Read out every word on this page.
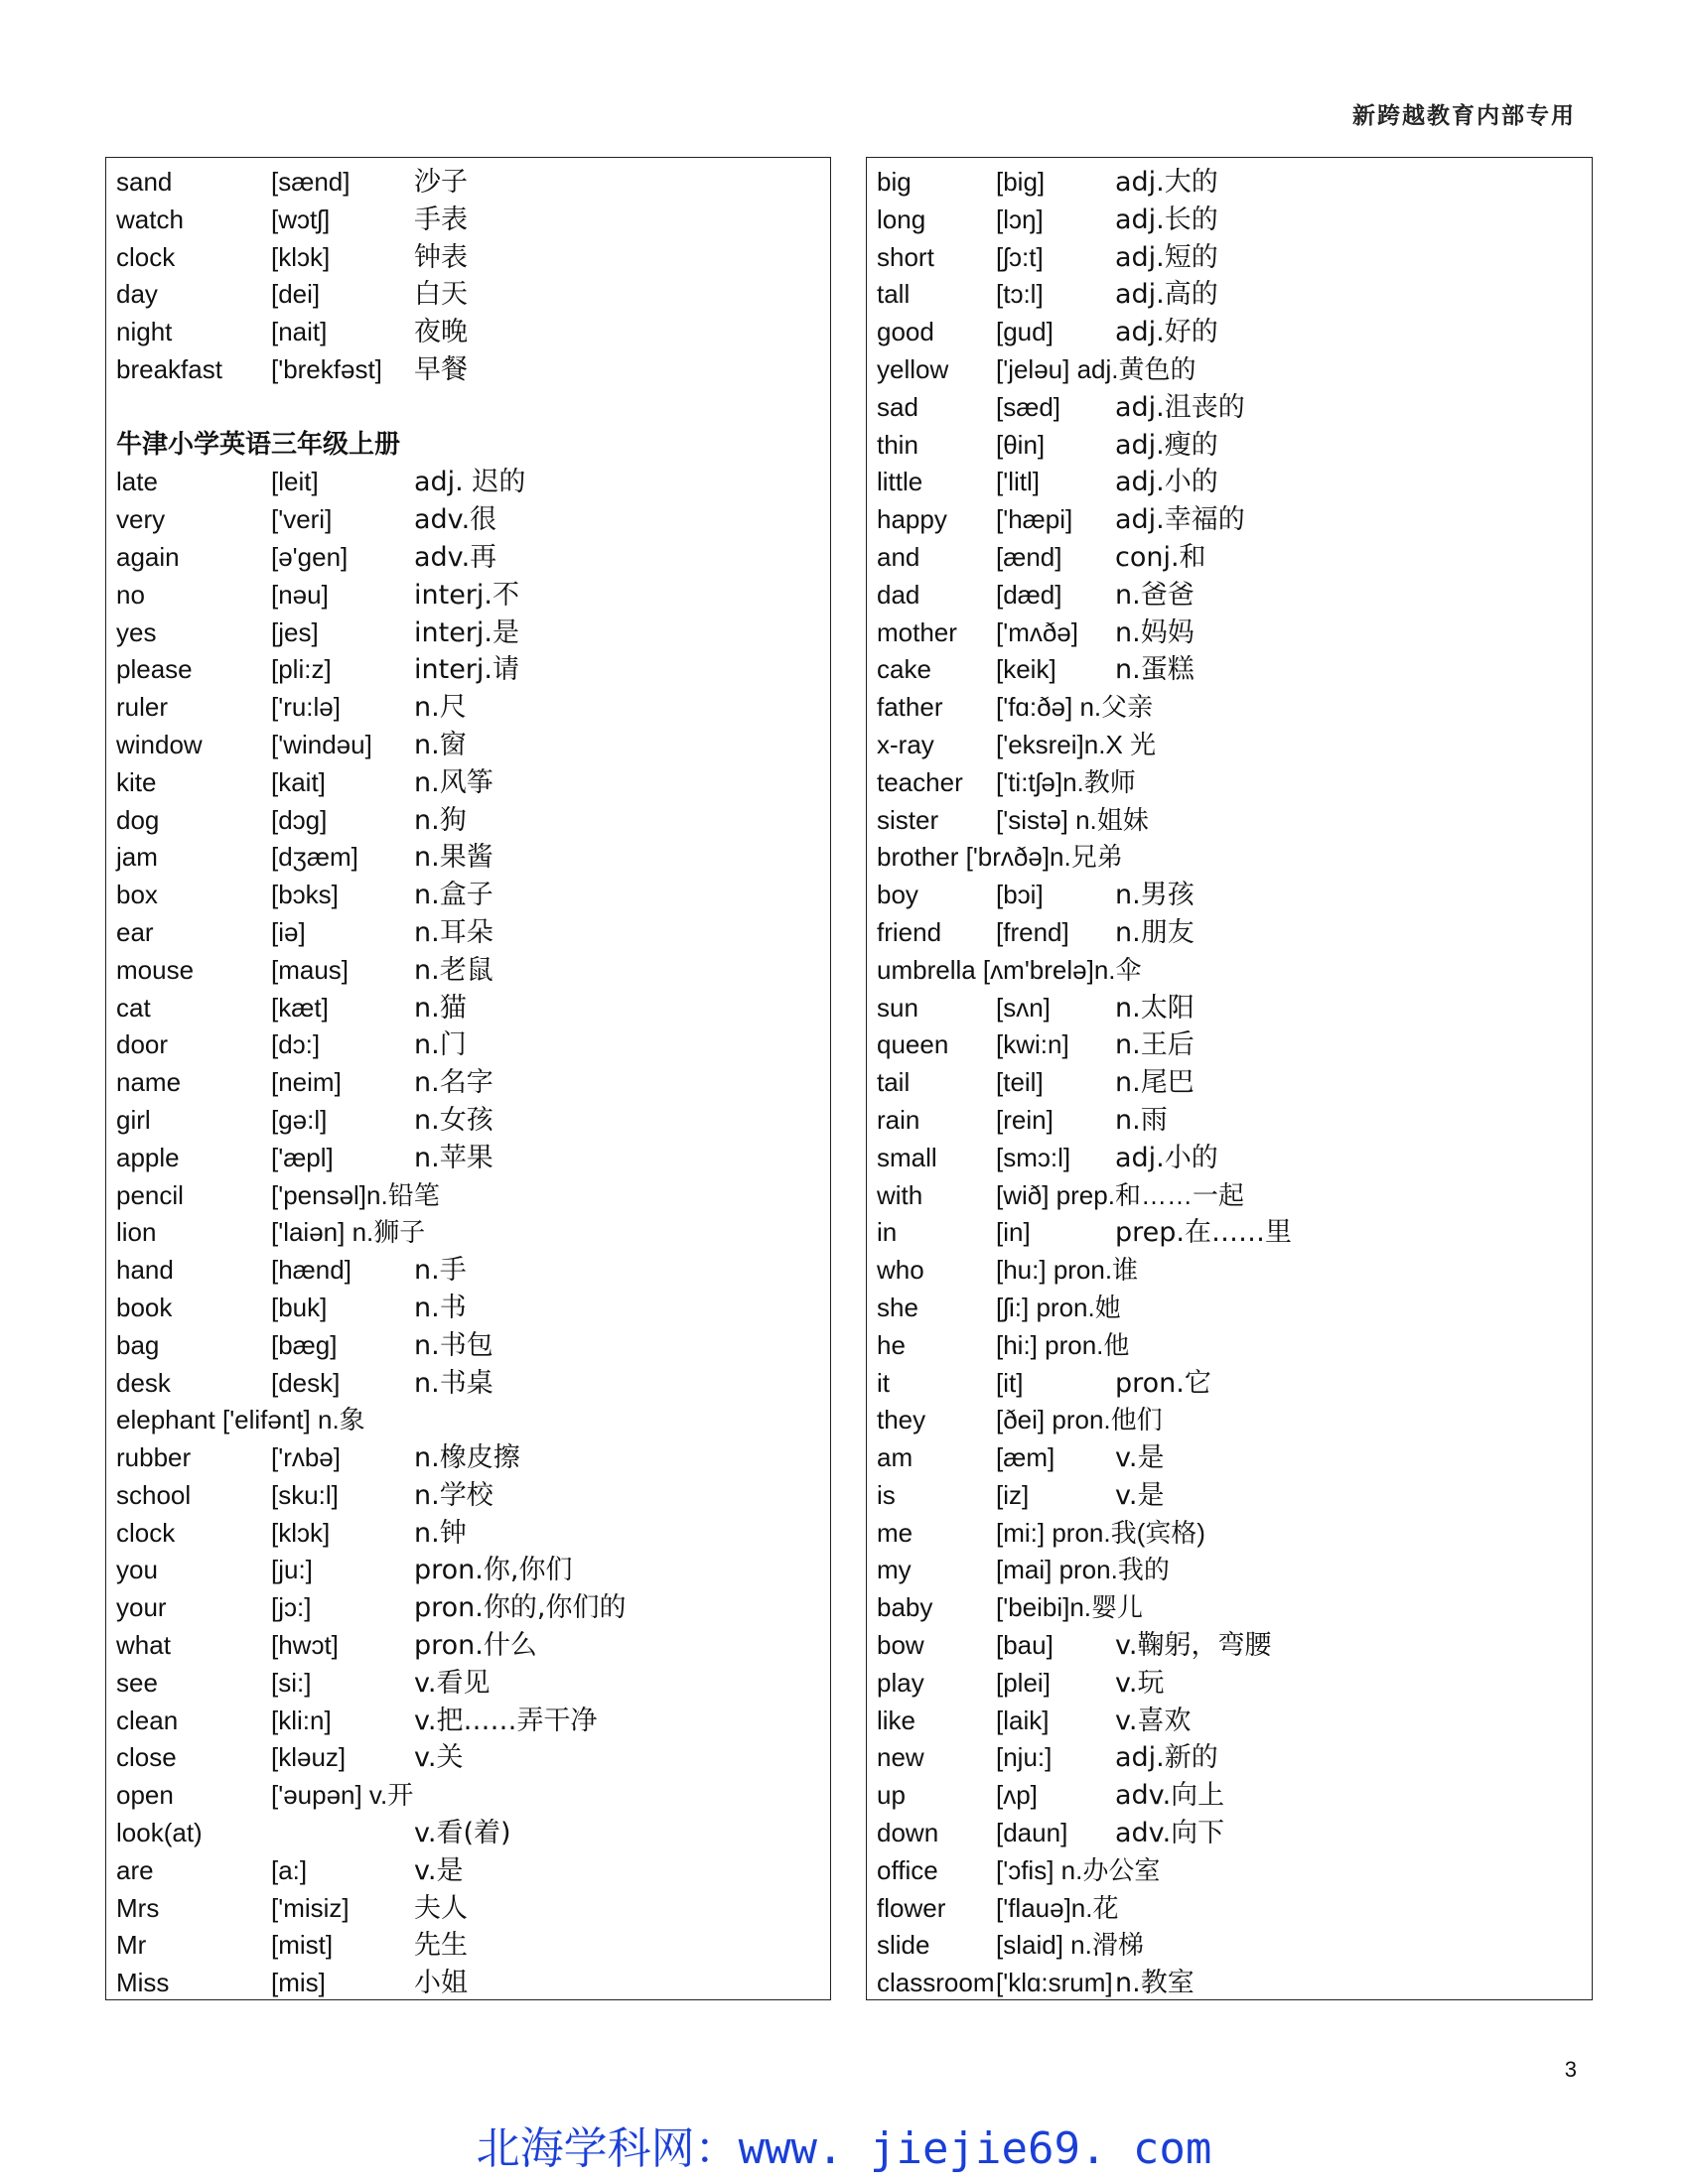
新跨越教育内部专用
sand	[sænd] 沙子
watch	[wɔtʃ]	手表
clock	[klɔk]	钟表
day	[dei]	白天
night	[nait]	夜晚
breakfast ['brekfəst] 早餐
牛津小学英语三年级上册
late	[leit]	adj. 迟的
very	['veri]	adv.很
again	[ə'gen] adv.再
no	[nəu]	interj.不
yes	[jes]	interj.是
please	[pli:z]	interj.请
ruler	['ru:lə]	n.尺
window	['windəu] n.窗
kite	[kait]	n.风筝
dog	[dɔg]	n.狗
jam	[dʒæm] n.果酱
box	[bɔks]	n.盒子
ear	[iə]	n.耳朵
mouse	[maus] n.老鼠
cat	[kæt]	n.猫
door	[dɔ:]	n.门
name	[neim]	n.名字
girl	[gə:l]	n.女孩
apple	['æpl]	n.苹果
pencil	['pensəl]n.铅笔
lion	['laiən] n.狮子
hand	[hænd] n.手
book	[buk]	n.书
bag	[bæg]	n.书包
desk	[desk]	n.书桌
elephant ['elifənt] n.象
rubber	['rʌbə]	n.橡皮擦
school	[sku:l]	n.学校
clock	[klɔk]	n.钟
you	[ju:]	pron.你,你们
your	[jɔ:]	pron.你的,你们的
what	[hwɔt]	pron.什么
see	[si:]	v.看见
clean	[kli:n]	v.把……弄干净
close	[kləuz]	v.关
open	['əupən] v.开
look(at)	v.看(着)
are	[a:]	v.是
Mrs	['misiz] 夫人
Mr	[mist]	先生
Miss	[mis]	小姐
big	[big]	adj.大的
long	[lɔŋ]	adj.长的
short [ʃɔ:t]	adj.短的
tall	[tɔ:l]	adj.高的
good [gud] adj.好的
yellow ['jeləu] adj.黄色的
sad	[sæd] adj.沮丧的
thin	[θin]	adj.瘦的
little	['litl]	adj.小的
happy ['hæpi] adj.幸福的
and	[ænd] conj.和
dad	[dæd] n.爸爸
mother ['mʌðə] n.妈妈
cake	[keik] n.蛋糕
father ['fɑ:ðə] n.父亲
x-ray ['eksrei]n.X 光
teacher ['ti:tʃə]n.教师
sister ['sistə] n.姐妹
brother ['brʌðə]n.兄弟
boy	[bɔi]	n.男孩
friend [frend] n.朋友
umbrella [ʌm'brelə]n.伞
sun	[sʌn] n.太阳
queen [kwi:n] n.王后
tail	[teil]	n.尾巴
rain	[rein] n.雨
small [smɔ:l] adj.小的
with	[wið] prep.和……一起
in	[in]	prep.在……里
who	[hu:] pron.谁
she	[ʃi:] pron.她
he	[hi:] pron.他
it	[it]	pron.它
they	[ðei] pron.他们
am	[æm] v.是
is	[iz]	v.是
me	[mi:] pron.我(宾格)
my	[mai] pron.我的
baby ['beibi]n.婴儿
bow	[bau] v.鞠躬，弯腰
play	[plei] v.玩
like	[laik] v.喜欢
new	[nju:] adj.新的
up	[ʌp]	adv.向上
down [daun] adv.向下
office ['ɔfis] n.办公室
flower ['flauə]n.花
slide	[slaid] n.滑梯
classroom ['klɑ:srum] n.教室
3
北海学科网：www. jiejie69. com
